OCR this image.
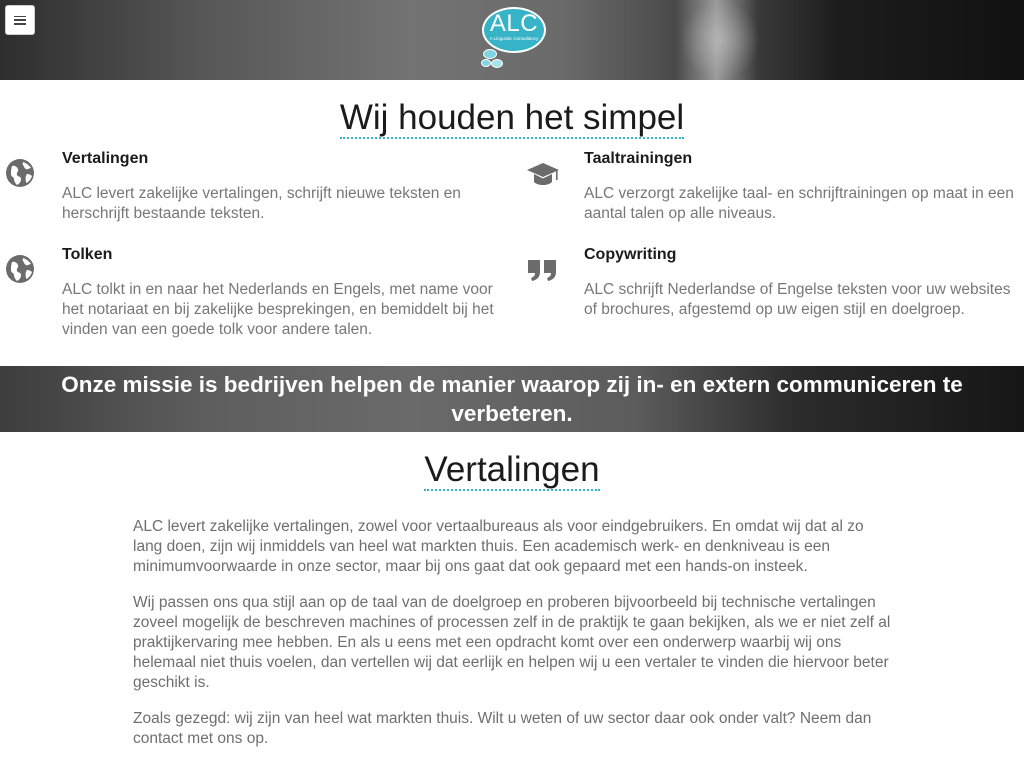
ALC
A Linguistic Consultancy
Wij houden het simpel
Vertalingen

ALC levert zakelijke vertalingen, schrijft nieuwe teksten en herschrijft bestaande teksten.

Taaltrainingen

ALC verzorgt zakelijke taal- en schrijftrainingen op maat in een aantal talen op alle niveaus.

Tolken

ALC tolkt in en naar het Nederlands en Engels, met name voor het notariaat en bij zakelijke besprekingen, en bemiddelt bij het vinden van een goede tolk voor andere talen.

Copywriting

ALC schrijft Nederlandse of Engelse teksten voor uw websites of brochures, afgestemd op uw eigen stijl en doelgroep.

Onze missie is bedrijven helpen de manier waarop zij in- en extern communiceren te verbeteren.

Vertalingen

ALC levert zakelijke vertalingen, zowel voor vertaalbureaus als voor eindgebruikers. En omdat wij dat al zo lang doen, zijn wij inmiddels van heel wat markten thuis. Een academisch werk- en denkniveau is een minimumvoorwaarde in onze sector, maar bij ons gaat dat ook gepaard met een hands-on insteek.

Wij passen ons qua stijl aan op de taal van de doelgroep en proberen bijvoorbeeld bij technische vertalingen zoveel mogelijk de beschreven machines of processen zelf in de praktijk te gaan bekijken, als we er niet zelf al praktijkervaring mee hebben. En als u eens met een opdracht komt over een onderwerp waarbij wij ons helemaal niet thuis voelen, dan vertellen wij dat eerlijk en helpen wij u een vertaler te vinden die hiervoor beter geschikt is.

Zoals gezegd: wij zijn van heel wat markten thuis. Wilt u weten of uw sector daar ook onder valt? Neem dan contact met ons op.
